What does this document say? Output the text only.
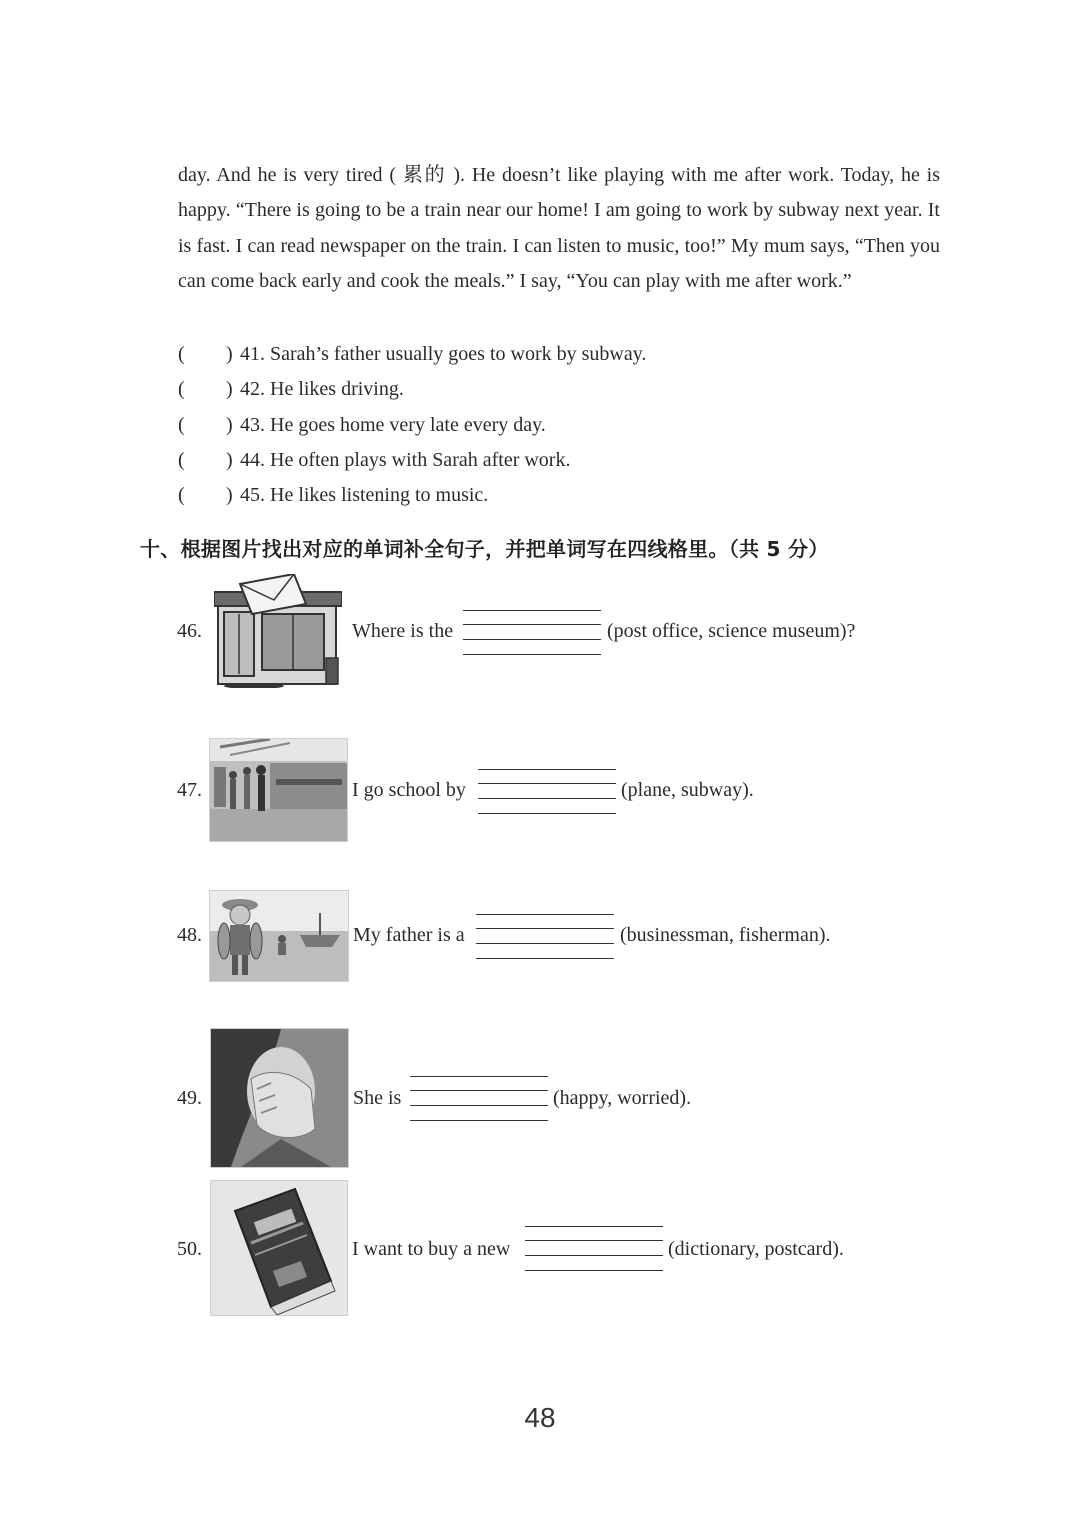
day. And he is very tired ( 累的 ). He doesn’t like playing with me after work. Today, he is happy. “There is going to be a train near our home! I am going to work by subway next year. It is fast. I can read newspaper on the train. I can listen to music, too!” My mum says, “Then you can come back early and cook the meals.” I say, “You can play with me after work.”

( ) 41. Sarah’s father usually goes to work by subway.
( ) 42. He likes driving.
( ) 43. He goes home very late every day.
( ) 44. He often plays with Sarah after work.
( ) 45. He likes listening to music.
十、根据图片找出对应的单词补全句子，并把单词写在四线格里。（共 5 分）
46.	Where is the	(post office, science museum)?
47.	I go school by	(plane, subway).
48.	My father is a	(businessman, fisherman).
49.	She is	(happy, worried).
50.	I want to buy a new	(dictionary, postcard).
48
